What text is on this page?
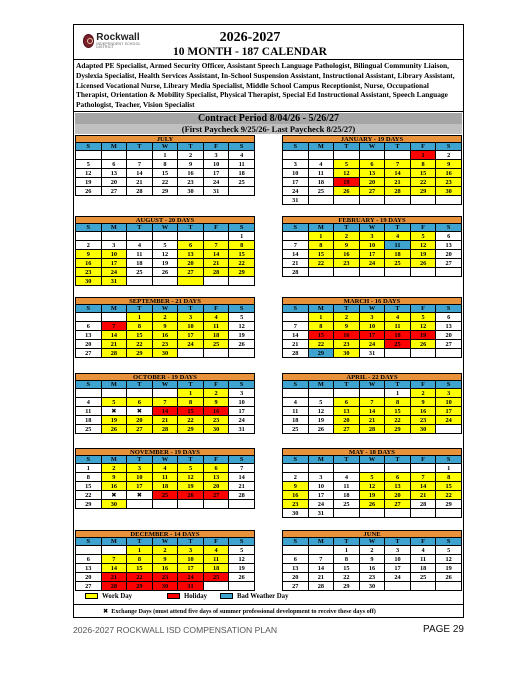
Rockwall
INDEPENDENT SCHOOL DISTRICT
2026-2027
10 MONTH - 187 CALENDAR
Adapted PE Specialist, Armed Security Officer, Assistant Speech Language Pathologist, Bilingual Community Liaison, Dyslexia Specialist, Health Services Assistant, In-School Suspension Assistant, Instructional Assistant, Library Assistant, Licensed Vocational Nurse, Library Media Specialist, Middle School Campus Receptionist, Nurse, Occupational Therapist, Orientation & Mobility Specialist, Physical Therapist, Special Ed Instructional Assistant, Speech Language Pathologist, Teacher, Vision Specialist
Contract Period 8/04/26 - 5/26/27
(First Paycheck 9/25/26- Last Paycheck 8/25/27)
JULY
S	M	T	W	T	F	S
			1	2	3	4
5	6	7	8	9	10	11
12	13	14	15	16	17	18
19	20	21	22	23	24	25
26	27	28	29	30	31	
JANUARY - 19 DAYS
S	M	T	W	T	F	S
					1	2
3	4	5	6	7	8	9
10	11	12	13	14	15	16
17	18	19	20	21	22	23
24	25	26	27	28	29	30
31						
AUGUST - 20 DAYS
S	M	T	W	T	F	S
						1
2	3	4	5	6	7	8
9	10	11	12	13	14	15
16	17	18	19	20	21	22
23	24	25	26	27	28	29
30	31					
FEBRUARY - 19 DAYS
S	M	T	W	T	F	S
	1	2	3	4	5	6
7	8	9	10	11	12	13
14	15	16	17	18	19	20
21	22	23	24	25	26	27
28						
SEPTEMBER - 21 DAYS
S	M	T	W	T	F	S
		1	2	3	4	5
6	7	8	9	10	11	12
13	14	15	16	17	18	19
20	21	22	23	24	25	26
27	28	29	30			
MARCH - 16 DAYS
S	M	T	W	T	F	S
	1	2	3	4	5	6
7	8	9	10	11	12	13
14	15	16	17	18	19	20
21	22	23	24	25	26	27
28	29	30	31			
OCTOBER - 19 DAYS
S	M	T	W	T	F	S
				1	2	3
4	5	6	7	8	9	10
11	✖	✖	14	15	16	17
18	19	20	21	22	23	24
25	26	27	28	29	30	31
APRIL - 22 DAYS
S	M	T	W	T	F	S
				1	2	3
4	5	6	7	8	9	10
11	12	13	14	15	16	17
18	19	20	21	22	23	24
25	26	27	28	29	30	
NOVEMBER - 19 DAYS
S	M	T	W	T	F	S
1	2	3	4	5	6	7
8	9	10	11	12	13	14
15	16	17	18	19	20	21
22	✖	✖	25	26	27	28
29	30					
MAY - 18 DAYS
S	M	T	W	T	F	S
						1
2	3	4	5	6	7	8
9	10	11	12	13	14	15
16	17	18	19	20	21	22
23	24	25	26	27	28	29
30	31					
DECEMBER - 14 DAYS
S	M	T	W	T	F	S
		1	2	3	4	5
6	7	8	9	10	11	12
13	14	15	16	17	18	19
20	21	22	23	24	25	26
27	28	29	30	31		
JUNE
S	M	T	W	T	F	S
		1	2	3	4	5
6	7	8	9	10	11	12
13	14	15	16	17	18	19
20	21	22	23	24	25	26
27	28	29	30			
Work Day	Holiday	Bad Weather Day
✖ Exchange Days (must attend five days of summer professional development to receive these days off)
2026-2027 ROCKWALL ISD COMPENSATION PLAN	PAGE 29
